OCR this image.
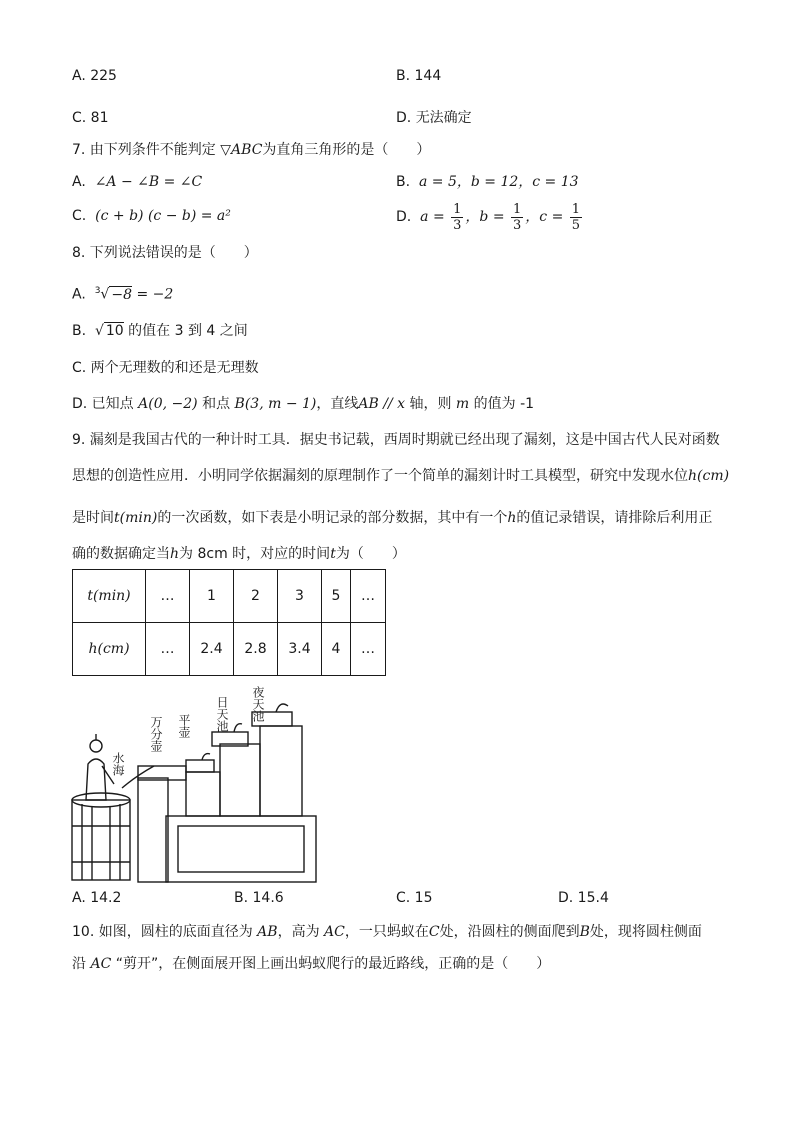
A. 225	B. 144
C. 81	D. 无法确定
7. 由下列条件不能判定 ▽ABC为直角三角形的是（　　）
A. ∠A − ∠B = ∠C	B. a = 5，b = 12，c = 13
C. (c + b) (c − b) = a²	D. $a = \frac{1}{3}$ ，$b = \frac{1}{3}$ ，$c = \frac{1}{5}$
8. 下列说法错误的是（　　）
A. $^3$√ −8 = −2
B. √ 10 的值在 3 到 4 之间
C. 两个无理数的和还是无理数
D. 已知点 A(0, −2) 和点 B(3, m − 1)，直线AB // x 轴，则 m 的值为 -1
9. 漏刻是我国古代的一种计时工具．据史书记载，西周时期就已经出现了漏刻，这是中国古代人民对函数
思想的创造性应用．小明同学依据漏刻的原理制作了一个简单的漏刻计时工具模型，研究中发现水位h(cm)
是时间t(min)的一次函数，如下表是小明记录的部分数据，其中有一个h的值记录错误，请排除后利用正
确的数据确定当h为 8cm 时，对应的时间t为（　　）
t(min)	…	1	2	3	5	…
h(cm)	…	2.4	2.8	3.4	4	…
水海
万分壶 平壶 日天池 夜天池
A. 14.2	B. 14.6	C. 15	D. 15.4
10. 如图，圆柱的底面直径为 AB，高为 AC，一只蚂蚁在C处，沿圆柱的侧面爬到B处，现将圆柱侧面
沿 AC “剪开”，在侧面展开图上画出蚂蚁爬行的最近路线，正确的是（　　）
